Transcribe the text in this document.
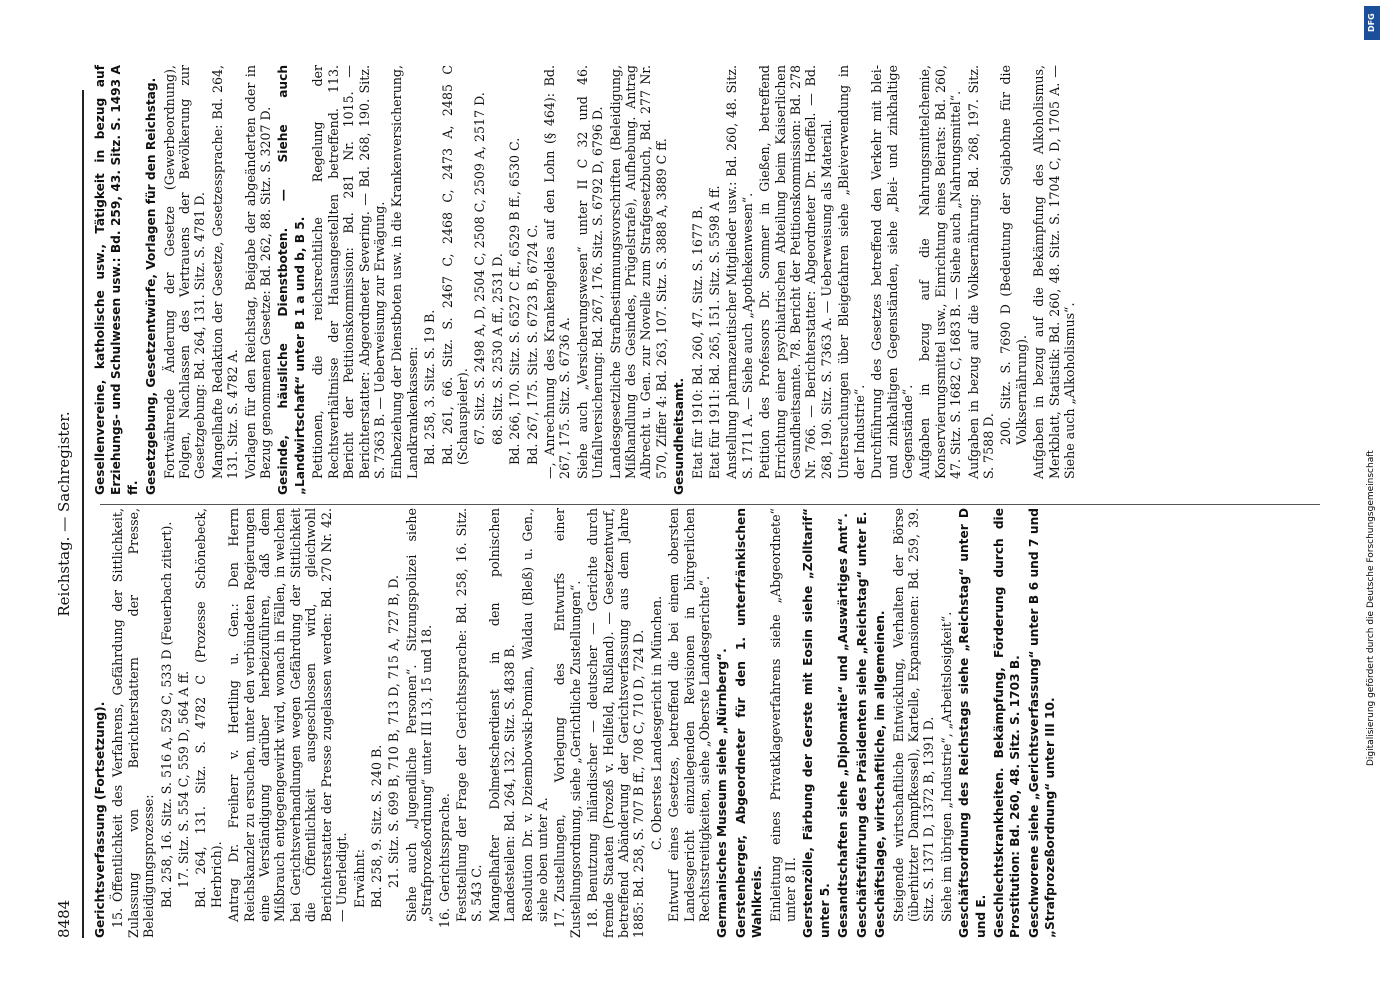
8484
Reichstag. — Sachregister.
Gerichtsverfassung (Fortsetzung). 15.Öffentlichkeit des Verfahrens, Gefährdung der Sittlichkeit, Zulassung von Berichterstattern der Presse, Beleidigungsprozesse: Bd. 258, 16. Sitz. S. 516 A, 529 C, 533 D (Feuerbach zitiert). 17. Sitz. S. 554 C, 559 D, 564 A ff. Bd. 264, 131. Sitz. S. 4782 C (Prozesse Schönebeck, Herbrich). Antrag Dr. Freiherr v. Hertling u. Gen.: Den Herrn Reichskanzler zu ersuchen, unter den verbündeten Regierungen eine Verständigung darüber herbeizuführen, daß dem Mißbrauch entgegengewirkt wird, wonach in Fällen, in welchen bei Gerichtsverhandlungen wegen Gefährdung der Sittlichkeit die Öffentlichkeit ausgeschlossen wird, gleichwohl Berichterstatter der Presse zugelassen werden: Bd. 270 Nr. 42. — Unerledigt. Erwähnt: Bd. 258, 9. Sitz. S. 240 B. 21. Sitz. S. 699 B, 710 B, 713 D, 715 A, 727 B, D. Siehe auch „Jugendliche Personen“. Sitzungspolizei siehe „Strafprozeßordnung“ unter III 13, 15 und 18. 16.Gerichtssprache. Feststellung der Frage der Gerichtssprache: Bd. 258, 16. Sitz. S. 543 C. Mangelhafter Dolmetscherdienst in den polnischen Landesteilen: Bd. 264, 132. Sitz. S. 4838 B. Resolution Dr. v. Dziembowski-Pomian, Waldau (Bleß) u. Gen., siehe oben unter A. 17.Zustellungen, Vorlegung des Entwurfs einer Zustellungsordnung, siehe „Gerichtliche Zustellungen“. 18.Benutzung inländischer — deutscher — Gerichte durch fremde Staaten (Prozeß v. Hellfeld, Rußland). — Gesetzentwurf, betreffend Abänderung der Gerichtsverfassung aus dem Jahre 1885: Bd. 258, S. 707 B ff., 708 C, 710 D, 724 D. C. Oberstes Landesgericht in München. Entwurf eines Gesetzes, betreffend die bei einem obersten Landesgericht einzulegenden Revisionen in bürgerlichen Rechtsstreitigkeiten, siehe „Oberste Landesgerichte“. Germanisches Museum siehe „Nürnberg“. Gerstenberger, Abgeordneter für den 1. unterfränkischen Wahlkreis. Einleitung eines Privatklageverfahrens siehe „Abgeordnete“ unter 8 II. Gerstenzölle, Färbung der Gerste mit Eosin siehe „Zolltarif“ unter 5. Gesandtschaften siehe „Diplomatie“ und „Auswärtiges Amt“. Geschäftsführung des Präsidenten siehe „Reichstag“ unter E. Geschäftslage, wirtschaftliche, im allgemeinen. Steigende wirtschaftliche Entwicklung, Verhalten der Börse (überhitzter Dampfkessel), Kartelle, Expansionen: Bd. 259, 39. Sitz. S. 1371 D, 1372 B, 1391 D. Siehe im übrigen „Industrie“, „Arbeitslosigkeit“. Geschäftsordnung des Reichstags siehe „Reichstag“ unter D und E. Geschlechtskrankheiten. Bekämpfung, Förderung durch die Prostitution: Bd. 260, 48. Sitz. S. 1703 B. Geschworene siehe „Gerichtsverfassung“ unter B 6 und 7 und „Strafprozeßordnung“ unter III 10.
Gesellenvereine, katholische usw., Tätigkeit in bezug auf Erziehungs- und Schulwesen usw.: Bd. 259, 43. Sitz. S. 1493 A ff. Gesetzgebung, Gesetzentwürfe, Vorlagen für den Reichstag. Fortwährende Änderung der Gesetze (Gewerbeordnung), Folgen, Nachlassen des Vertrauens der Bevölkerung zur Gesetzgebung: Bd. 264, 131. Sitz. S. 4781 D. Mangelhafte Redaktion der Gesetze, Gesetzessprache: Bd. 264, 131. Sitz. S. 4782 A. Vorlagen für den Reichstag, Beigabe der abgeänderten oder in Bezug genommenen Gesetze: Bd. 262, 88. Sitz. S. 3207 D. Gesinde, häusliche Dienstboten. — Siehe auch „Landwirtschaft“ unter B 1 a und b, B 5. Petitionen, die reichsrechtliche Regelung der Rechtsverhältnisse der Hausangestellten betreffend. 113. Bericht der Petitionskommission: Bd. 281 Nr. 1015. — Berichterstatter: Abgeordneter Severing. — Bd. 268, 190. Sitz. S. 7363 B. — Ueberweisung zur Erwägung. Einbeziehung der Dienstboten usw. in die Krankenversicherung, Landkrankenkassen: Bd. 258, 3. Sitz. S. 19 B. Bd. 261, 66. Sitz. S. 2467 C, 2468 C, 2473 A, 2485 C (Schauspieler). 67. Sitz. S. 2498 A, D, 2504 C, 2508 C, 2509 A, 2517 D. 68. Sitz. S. 2530 A ff., 2531 D. Bd. 266, 170. Sitz. S. 6527 C ff., 6529 B ff., 6530 C. Bd. 267, 175. Sitz. S. 6723 B, 6724 C. —, Anrechnung des Krankengeldes auf den Lohn (§ 464): Bd. 267, 175. Sitz. S. 6736 A. Siehe auch „Versicherungswesen“ unter II C 32 und 46. Unfallversicherung: Bd. 267, 176. Sitz. S. 6792 D, 6796 D. Landesgesetzliche Strafbestimmungsvorschriften (Beleidigung, Mißhandlung des Gesindes, Prügelstrafe), Aufhebung. Antrag Albrecht u. Gen. zur Novelle zum Strafgesetzbuch, Bd. 277 Nr. 570, Ziffer 4: Bd. 263, 107. Sitz. S. 3888 A, 3889 C ff. Gesundheitsamt. Etat für 1910: Bd. 260, 47. Sitz. S. 1677 B. Etat für 1911: Bd. 265, 151. Sitz. S. 5598 A ff. Anstellung pharmazeutischer Mitglieder usw.: Bd. 260, 48. Sitz. S. 1711 A. — Siehe auch „Apothekenwesen“. Petition des Professors Dr. Sommer in Gießen, betreffend Errichtung einer psychiatrischen Abteilung beim Kaiserlichen Gesundheitsamte. 78. Bericht der Petitionskommission: Bd. 278 Nr. 766. — Berichterstatter: Abgeordneter Dr. Hoeffel. — Bd. 268, 190. Sitz. S. 7363 A. — Ueberweisung als Material. Untersuchungen über Bleigefahren siehe „Bleiverwendung in der Industrie“. Durchführung des Gesetzes betreffend den Verkehr mit blei- und zinkhaltigen Gegenständen, siehe „Blei- und zinkhaltige Gegenstände“. Aufgaben in bezug auf die Nahrungsmittelchemie, Konservierungsmittel usw., Einrichtung eines Beirats: Bd. 260, 47. Sitz. S. 1682 C, 1683 B. — Siehe auch „Nahrungsmittel“. Aufgaben in bezug auf die Volksernährung: Bd. 268, 197. Sitz. S. 7588 D.
200. Sitz. S. 7690 D (Bedeutung der Sojabohne für die Volksernährung). Aufgaben in bezug auf die Bekämpfung des Alkoholismus, Merkblatt, Statistik: Bd. 260, 48. Sitz. S. 1704 C, D, 1705 A. — Siehe auch „Alkoholismus“.
DFG
Digitalisierung gefördert durch die Deutsche Forschungsgemeinschaft
